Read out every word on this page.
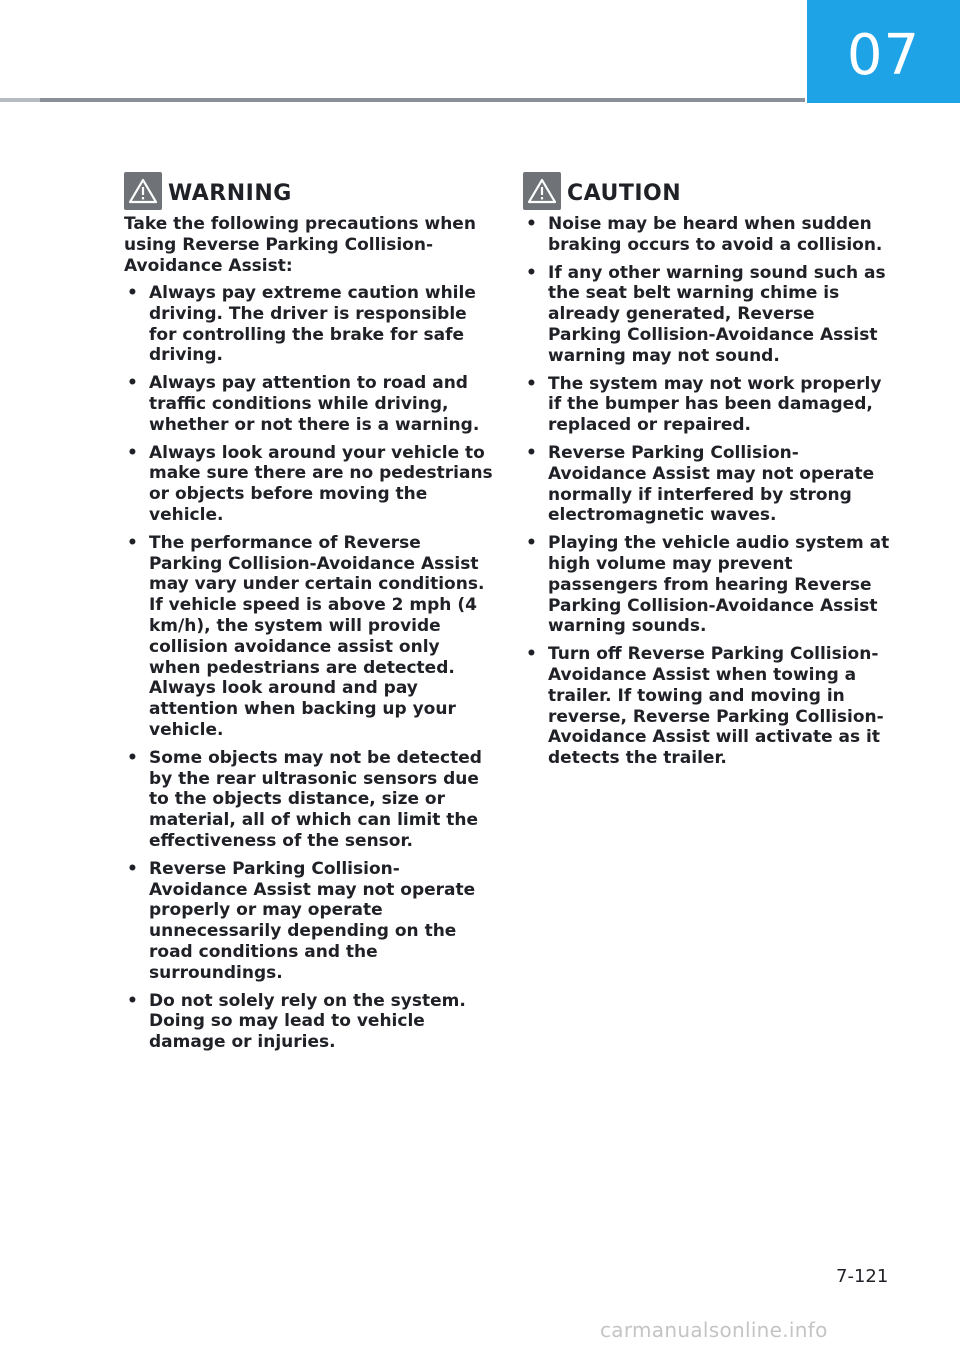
07
WARNING

Take the following precautions when using Reverse Parking Collision-Avoidance Assist:

• Always pay extreme caution while driving. The driver is responsible for controlling the brake for safe driving.
• Always pay attention to road and traffic conditions while driving, whether or not there is a warning.
• Always look around your vehicle to make sure there are no pedestrians or objects before moving the vehicle.
• The performance of Reverse Parking Collision-Avoidance Assist may vary under certain conditions. If vehicle speed is above 2 mph (4 km/h), the system will provide collision avoidance assist only when pedestrians are detected. Always look around and pay attention when backing up your vehicle.
• Some objects may not be detected by the rear ultrasonic sensors due to the objects distance, size or material, all of which can limit the effectiveness of the sensor.
• Reverse Parking Collision-Avoidance Assist may not operate properly or may operate unnecessarily depending on the road conditions and the surroundings.
• Do not solely rely on the system. Doing so may lead to vehicle damage or injuries.
CAUTION
• Noise may be heard when sudden braking occurs to avoid a collision.
• If any other warning sound such as the seat belt warning chime is already generated, Reverse Parking Collision-Avoidance Assist warning may not sound.
• The system may not work properly if the bumper has been damaged, replaced or repaired.
• Reverse Parking Collision-Avoidance Assist may not operate normally if interfered by strong electromagnetic waves.
• Playing the vehicle audio system at high volume may prevent passengers from hearing Reverse Parking Collision-Avoidance Assist warning sounds.
• Turn off Reverse Parking Collision-Avoidance Assist when towing a trailer. If towing and moving in reverse, Reverse Parking Collision-Avoidance Assist will activate as it detects the trailer.
7-121
carmanualsonline.info
